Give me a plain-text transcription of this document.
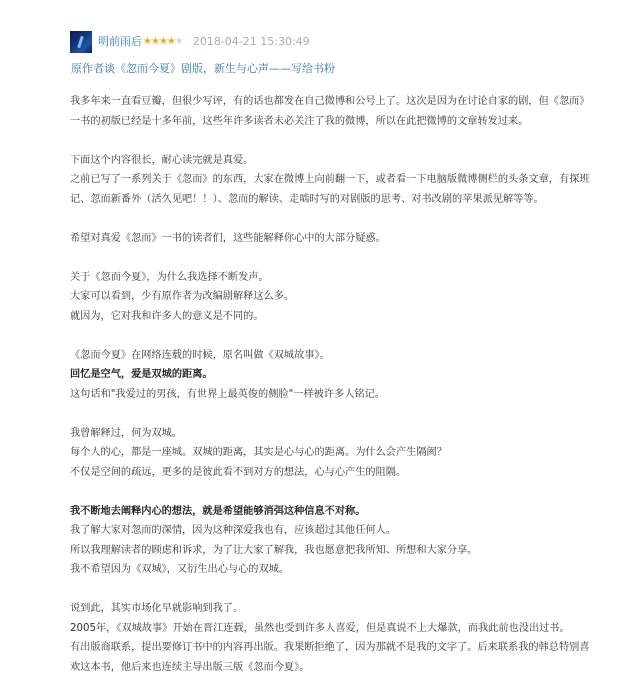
明前雨后★★★★★ 2018-04-21 15:30:49
原作者谈《忽而今夏》剧版，新生与心声——写给书粉

我多年来一直看豆瓣，但很少写评，有的话也都发在自己微博和公号上了。这次是因为在讨论自家的剧，但《忽而》

一书的初版已经是十多年前，这些年许多读者未必关注了我的微博，所以在此把微博的文章转发过来。

下面这个内容很长，耐心读完就是真爱。

之前已写了一系列关于《忽而》的东西，大家在微博上向前翻一下，或者看一下电脑版微博侧栏的头条文章，有探班

记、忽而新番外（活久见吧！！）、忽而的解读、走啮时写的对剧版的思考、对书改剧的苹果派见解等等。

希望对真爱《忽而》一书的读者们，这些能解释你心中的大部分疑惑。

关于《忽而今夏》，为什么我选择不断发声。

大家可以看到，少有原作者为改编剧解释这么多。

就因为，它对我和许多人的意义是不同的。

《忽而今夏》在网络连载的时候，原名叫做《双城故事》。

回忆是空气，爱是双城的距离。

这句话和"我爱过的男孩，有世界上最英俊的侧脸"一样被许多人铭记。

我曾解释过，何为双城。

每个人的心，都是一座城。双城的距离，其实是心与心的距离。为什么会产生隔阂？

不仅是空间的疏远，更多的是彼此看不到对方的想法，心与心产生的阻隔。

我不断地去阐释内心的想法，就是希望能够消弭这种信息不对称。

我了解大家对忽而的深情，因为这种深爱我也有，应该超过其他任何人。

所以我理解读者的顾虑和诉求，为了让大家了解我，我也愿意把我所知、所想和大家分享。

我不希望因为《双城》，又衍生出心与心的双城。

说到此，其实市场化早就影响到我了。

2005年，《双城故事》开始在晋江连载，虽然也受到许多人喜爱，但是真说不上大爆款，而我此前也没出过书。

有出版商联系，提出要修订书中的内容再出版。我果断拒绝了，因为那就不是我的文字了。后来联系我的韩总特别喜

欢这本书，他后来也连续主导出版三版《忽而今夏》。
